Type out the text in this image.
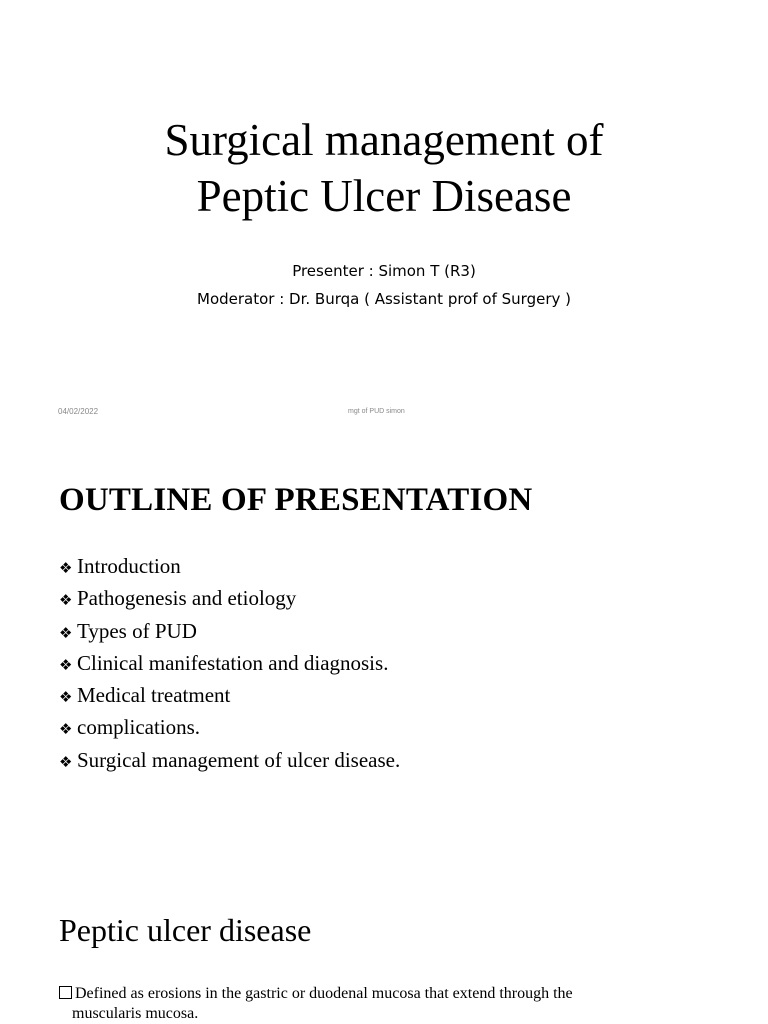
Surgical management of
Peptic Ulcer Disease
Presenter : Simon T (R3)
Moderator : Dr. Burqa ( Assistant prof of Surgery )
04/02/2022	mgt of PUD simon
OUTLINE OF PRESENTATION
❖ Introduction
❖ Pathogenesis and etiology
❖ Types of PUD
❖ Clinical manifestation and diagnosis.
❖ Medical treatment
❖ complications.
❖ Surgical management of ulcer disease.
Peptic ulcer disease
Defined as erosions in the gastric or duodenal mucosa that extend through the
muscularis mucosa.
